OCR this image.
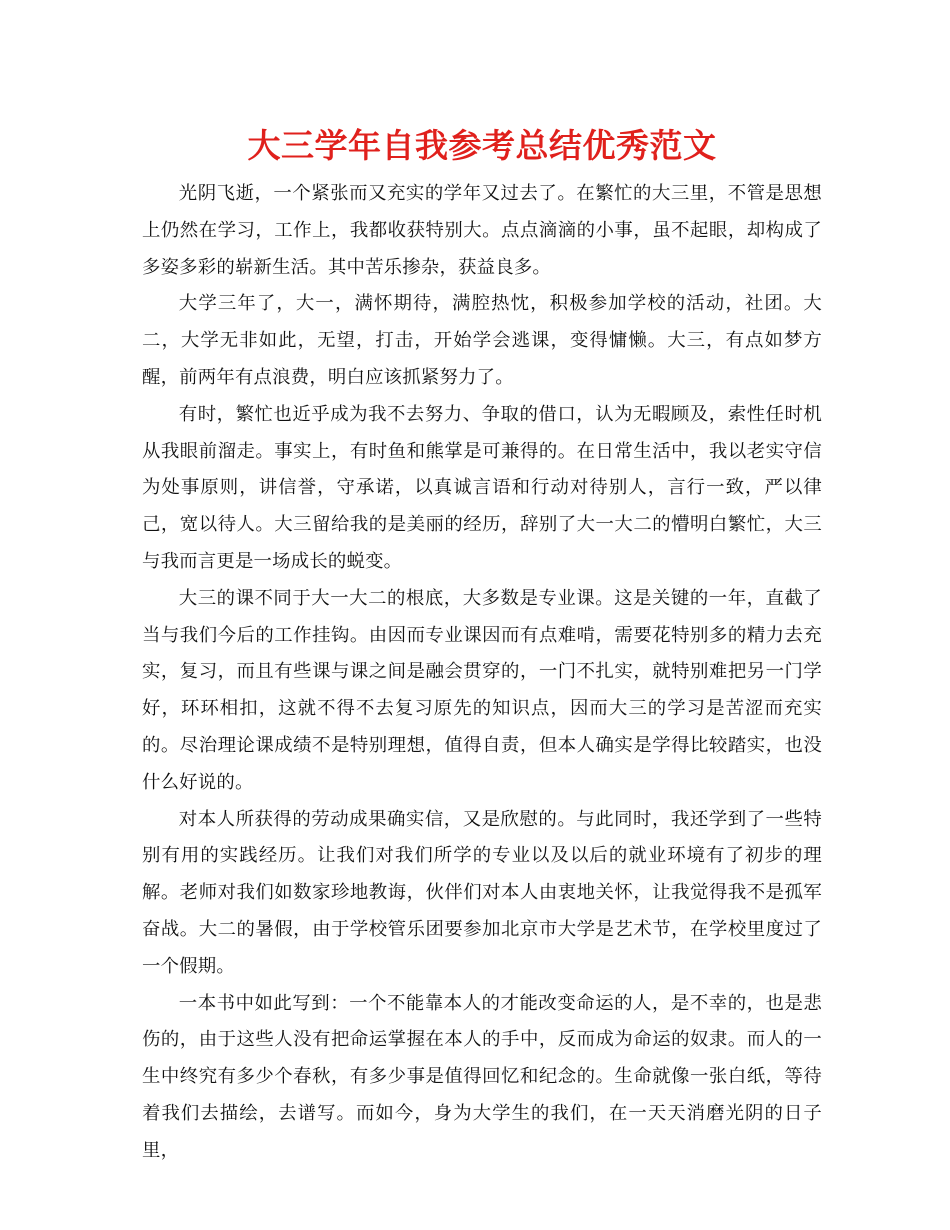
大三学年自我参考总结优秀范文

光阴飞逝，一个紧张而又充实的学年又过去了。在繁忙的大三里，不管是思想上仍然在学习，工作上，我都收获特别大。点点滴滴的小事，虽不起眼，却构成了多姿多彩的崭新生活。其中苦乐掺杂，获益良多。

大学三年了，大一，满怀期待，满腔热忱，积极参加学校的活动，社团。大二，大学无非如此，无望，打击，开始学会逃课，变得慵懒。大三，有点如梦方醒，前两年有点浪费，明白应该抓紧努力了。

有时，繁忙也近乎成为我不去努力、争取的借口，认为无暇顾及，索性任时机从我眼前溜走。事实上，有时鱼和熊掌是可兼得的。在日常生活中，我以老实守信为处事原则，讲信誉，守承诺，以真诚言语和行动对待别人，言行一致，严以律己，宽以待人。大三留给我的是美丽的经历，辞别了大一大二的懵明白繁忙，大三与我而言更是一场成长的蜕变。

大三的课不同于大一大二的根底，大多数是专业课。这是关键的一年，直截了当与我们今后的工作挂钩。由因而专业课因而有点难啃，需要花特别多的精力去充实，复习，而且有些课与课之间是融会贯穿的，一门不扎实，就特别难把另一门学好，环环相扣，这就不得不去复习原先的知识点，因而大三的学习是苦涩而充实的。尽治理论课成绩不是特别理想，值得自责，但本人确实是学得比较踏实，也没什么好说的。

对本人所获得的劳动成果确实信，又是欣慰的。与此同时，我还学到了一些特别有用的实践经历。让我们对我们所学的专业以及以后的就业环境有了初步的理解。老师对我们如数家珍地教诲，伙伴们对本人由衷地关怀，让我觉得我不是孤军奋战。大二的暑假，由于学校管乐团要参加北京市大学是艺术节，在学校里度过了一个假期。

一本书中如此写到：一个不能靠本人的才能改变命运的人，是不幸的，也是悲伤的，由于这些人没有把命运掌握在本人的手中，反而成为命运的奴隶。而人的一生中终究有多少个春秋，有多少事是值得回忆和纪念的。生命就像一张白纸，等待着我们去描绘，去谱写。而如今，身为大学生的我们，在一天天消磨光阴的日子里，
